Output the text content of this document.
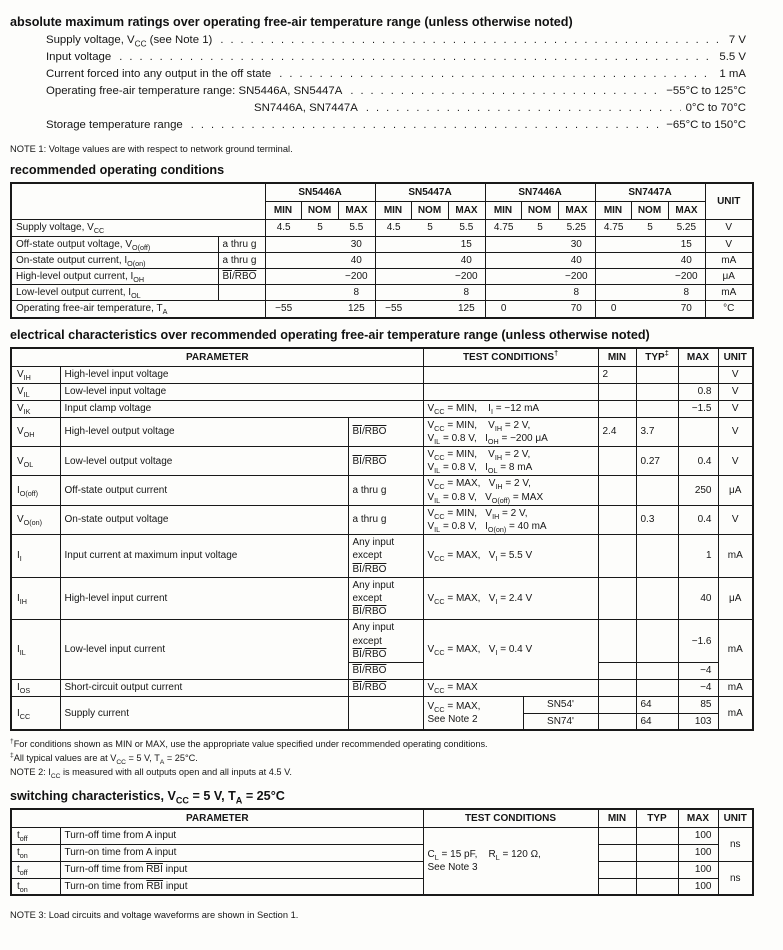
absolute maximum ratings over operating free-air temperature range (unless otherwise noted)
Supply voltage, $V_{CC}$ (see Note 1) . . .	7 V
Input voltage . . .	5.5 V
Current forced into any output in the off state . . .	1 mA
Operating free-air temperature range: SN5446A, SN5447A . . .	−55°C to 125°C
SN7446A, SN7447A . . .	0°C to 70°C
Storage temperature range . . .	−65°C to 150°C
NOTE 1: Voltage values are with respect to network ground terminal.
recommended operating conditions
		SN5446A			SN5447A			SN7446A			SN7447A			UNIT
		MIN	NOM	MAX	MIN	NOM	MAX	MIN	NOM	MAX	MIN	NOM	MAX	
Supply voltage, $V_{CC}$		4.5 5 5.5			4.5 5 5.5			4.75 5 5.25			4.75 5 5.25			V
Off-state output voltage, $V_{O(off)}$	a thru g	30			15			30			15			V
On-state output current, $I_{O(on)}$	a thru g	40			40			40			40			mA
High-level output current, $I_{OH}$	$\overline{BI}/\overline{RBO}$	−200			−200			−200			−200			μA
Low-level output current, $I_{OL}$		8			8			8			8			mA
Operating free-air temperature, $T_A$		−55 125			−55 125			0 70			0 70			°C
electrical characteristics over recommended operating free-air temperature range (unless otherwise noted)
PARAMETER			TEST CONDITIONS†		MIN	TYP‡	MAX	UNIT
$V_{IH}$	High-level input voltage				2			V
$V_{IL}$	Low-level input voltage						0.8	V
$V_{IK}$	Input clamp voltage		$V_{CC}$ = MIN,    $I_I = -12$ mA				−1.5	V
$V_{OH}$	High-level output voltage	$\overline{BI}/\overline{RBO}$	$V_{CC}$ = MIN,    $V_{IH} = 2$ V,
$V_{IL} = 0.8$ V,   $I_{OH} = -200$ μA		2.4	3.7		V
$V_{OL}$	Low-level output voltage	$\overline{BI}/\overline{RBO}$	$V_{CC}$ = MIN,    $V_{IH} = 2$ V,
$V_{IL} = 0.8$ V,   $I_{OL} = 8$ mA			0.27	0.4	V
$I_{O(off)}$	Off-state output current	a thru g	$V_{CC}$ = MAX,   $V_{IH} = 2$ V,
$V_{IL} = 0.8$ V,   $V_{O(off)}$ = MAX				250	μA
$V_{O(on)}$	On-state output voltage	a thru g	$V_{CC}$ = MIN,   $V_{IH} = 2$ V,
$V_{IL} = 0.8$ V,   $I_{O(on)} = 40$ mA			0.3	0.4	V
$I_I$	Input current at maximum input voltage	Any input
except $\overline{BI}/\overline{RBO}$	$V_{CC}$ = MAX,   $V_I = 5.5$ V				1	mA
$I_{IH}$	High-level input current	Any input
except $\overline{BI}/\overline{RBO}$	$V_{CC}$ = MAX,   $V_I = 2.4$ V				40	μA
$I_{IL}$	Low-level input current	Any input
except $\overline{BI}/\overline{RBO}$	$V_{CC}$ = MAX,   $V_I = 0.4$ V				−1.6	mA
		$\overline{BI}/\overline{RBO}$					−4	
$I_{OS}$	Short-circuit output current	$\overline{BI}/\overline{RBO}$	$V_{CC}$ = MAX				−4	mA
$I_{CC}$	Supply current		$V_{CC}$ = MAX,
See Note 2	SN54'		64	85	mA
				SN74'		64	103	
†For conditions shown as MIN or MAX, use the appropriate value specified under recommended operating conditions.
‡All typical values are at $V_{CC} = 5$ V, $T_A = 25^\circ C$.
NOTE 2: $I_{CC}$ is measured with all outputs open and all inputs at 4.5 V.
switching characteristics, $V_{CC} = 5$ V, $T_A = 25^\circ C$
PARAMETER		TEST CONDITIONS	MIN	TYP	MAX	UNIT
$t_{off}$	Turn-off time from A input	$C_L = 15$ pF,    $R_L = 120$ Ω,
See Note 3			100	ns
$t_{on}$	Turn-on time from A input				100	
$t_{off}$	Turn-off time from $\overline{RBI}$ input				100	ns
$t_{on}$	Turn-on time from $\overline{RBI}$ input				100	
NOTE 3: Load circuits and voltage waveforms are shown in Section 1.
